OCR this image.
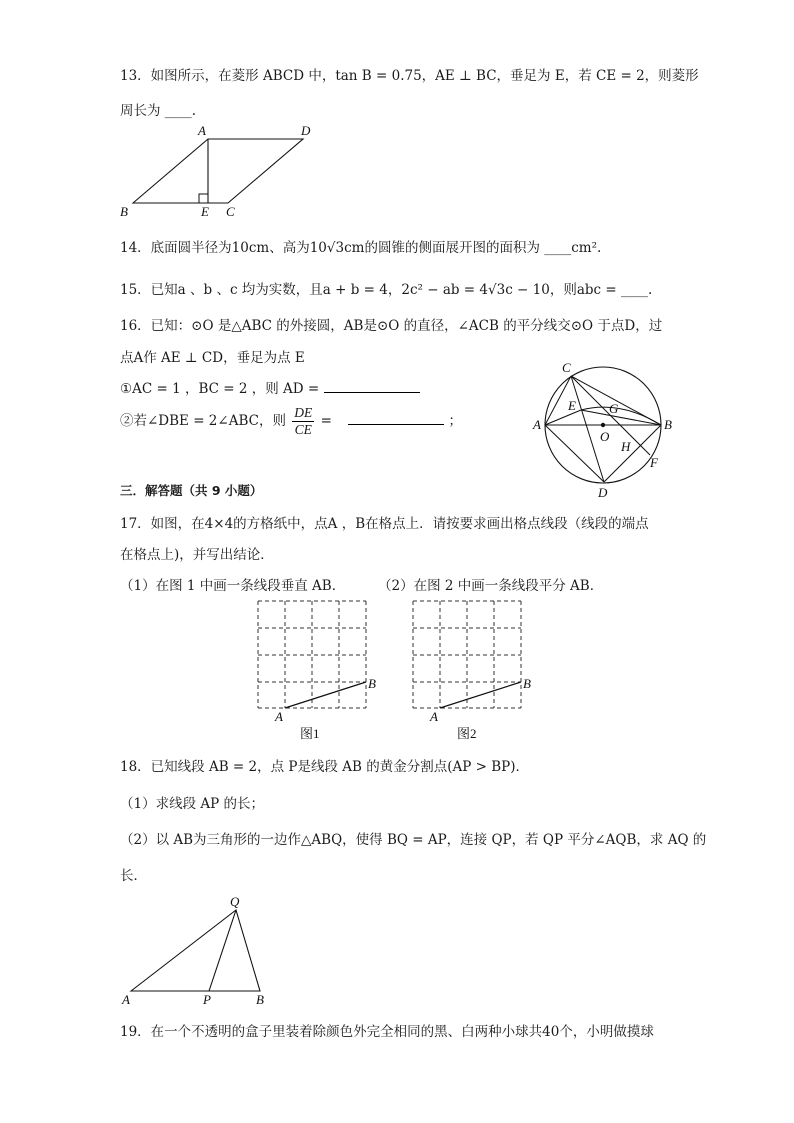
13．如图所示，在菱形 ABCD 中，tan B = 0.75，AE ⊥ BC，垂足为 E，若 CE = 2，则菱形
周长为 ____.
A	D
B	E C
14．底面圆半径为10cm、高为10√3cm的圆锥的侧面展开图的面积为 ____cm².
15．已知a 、b 、c 均为实数，且a + b = 4，2c² − ab = 4√3c − 10，则abc = ____.
16．已知：⊙O 是△ABC 的外接圆，AB是⊙O 的直径，∠ACB 的平分线交⊙O 于点D，过
点A作 AE ⊥ CD，垂足为点 E
①AC = 1 ，BC = 2 ，则 AD =
②若∠DBE = 2∠ABC，则 $\frac{DE}{CE}$ =	；
C
A	B
D
E	G
O
H
F
三．解答题（共 9 小题）
17．如图，在4×4的方格纸中，点A ，B在格点上．请按要求画出格点线段（线段的端点
在格点上)，并写出结论．
（1）在图 1 中画一条线段垂直 AB． （2）在图 2 中画一条线段平分 AB．
A
B
图1
A
B
图2
18．已知线段 AB = 2，点 P是线段 AB 的黄金分割点(AP > BP)．
（1）求线段 AP 的长；
（2）以 AB为三角形的一边作△ABQ，使得 BQ = AP，连接 QP，若 QP 平分∠AQB，求 AQ 的
长．
Q
A	P	B
19．在一个不透明的盒子里装着除颜色外完全相同的黑、白两种小球共40个，小明做摸球
